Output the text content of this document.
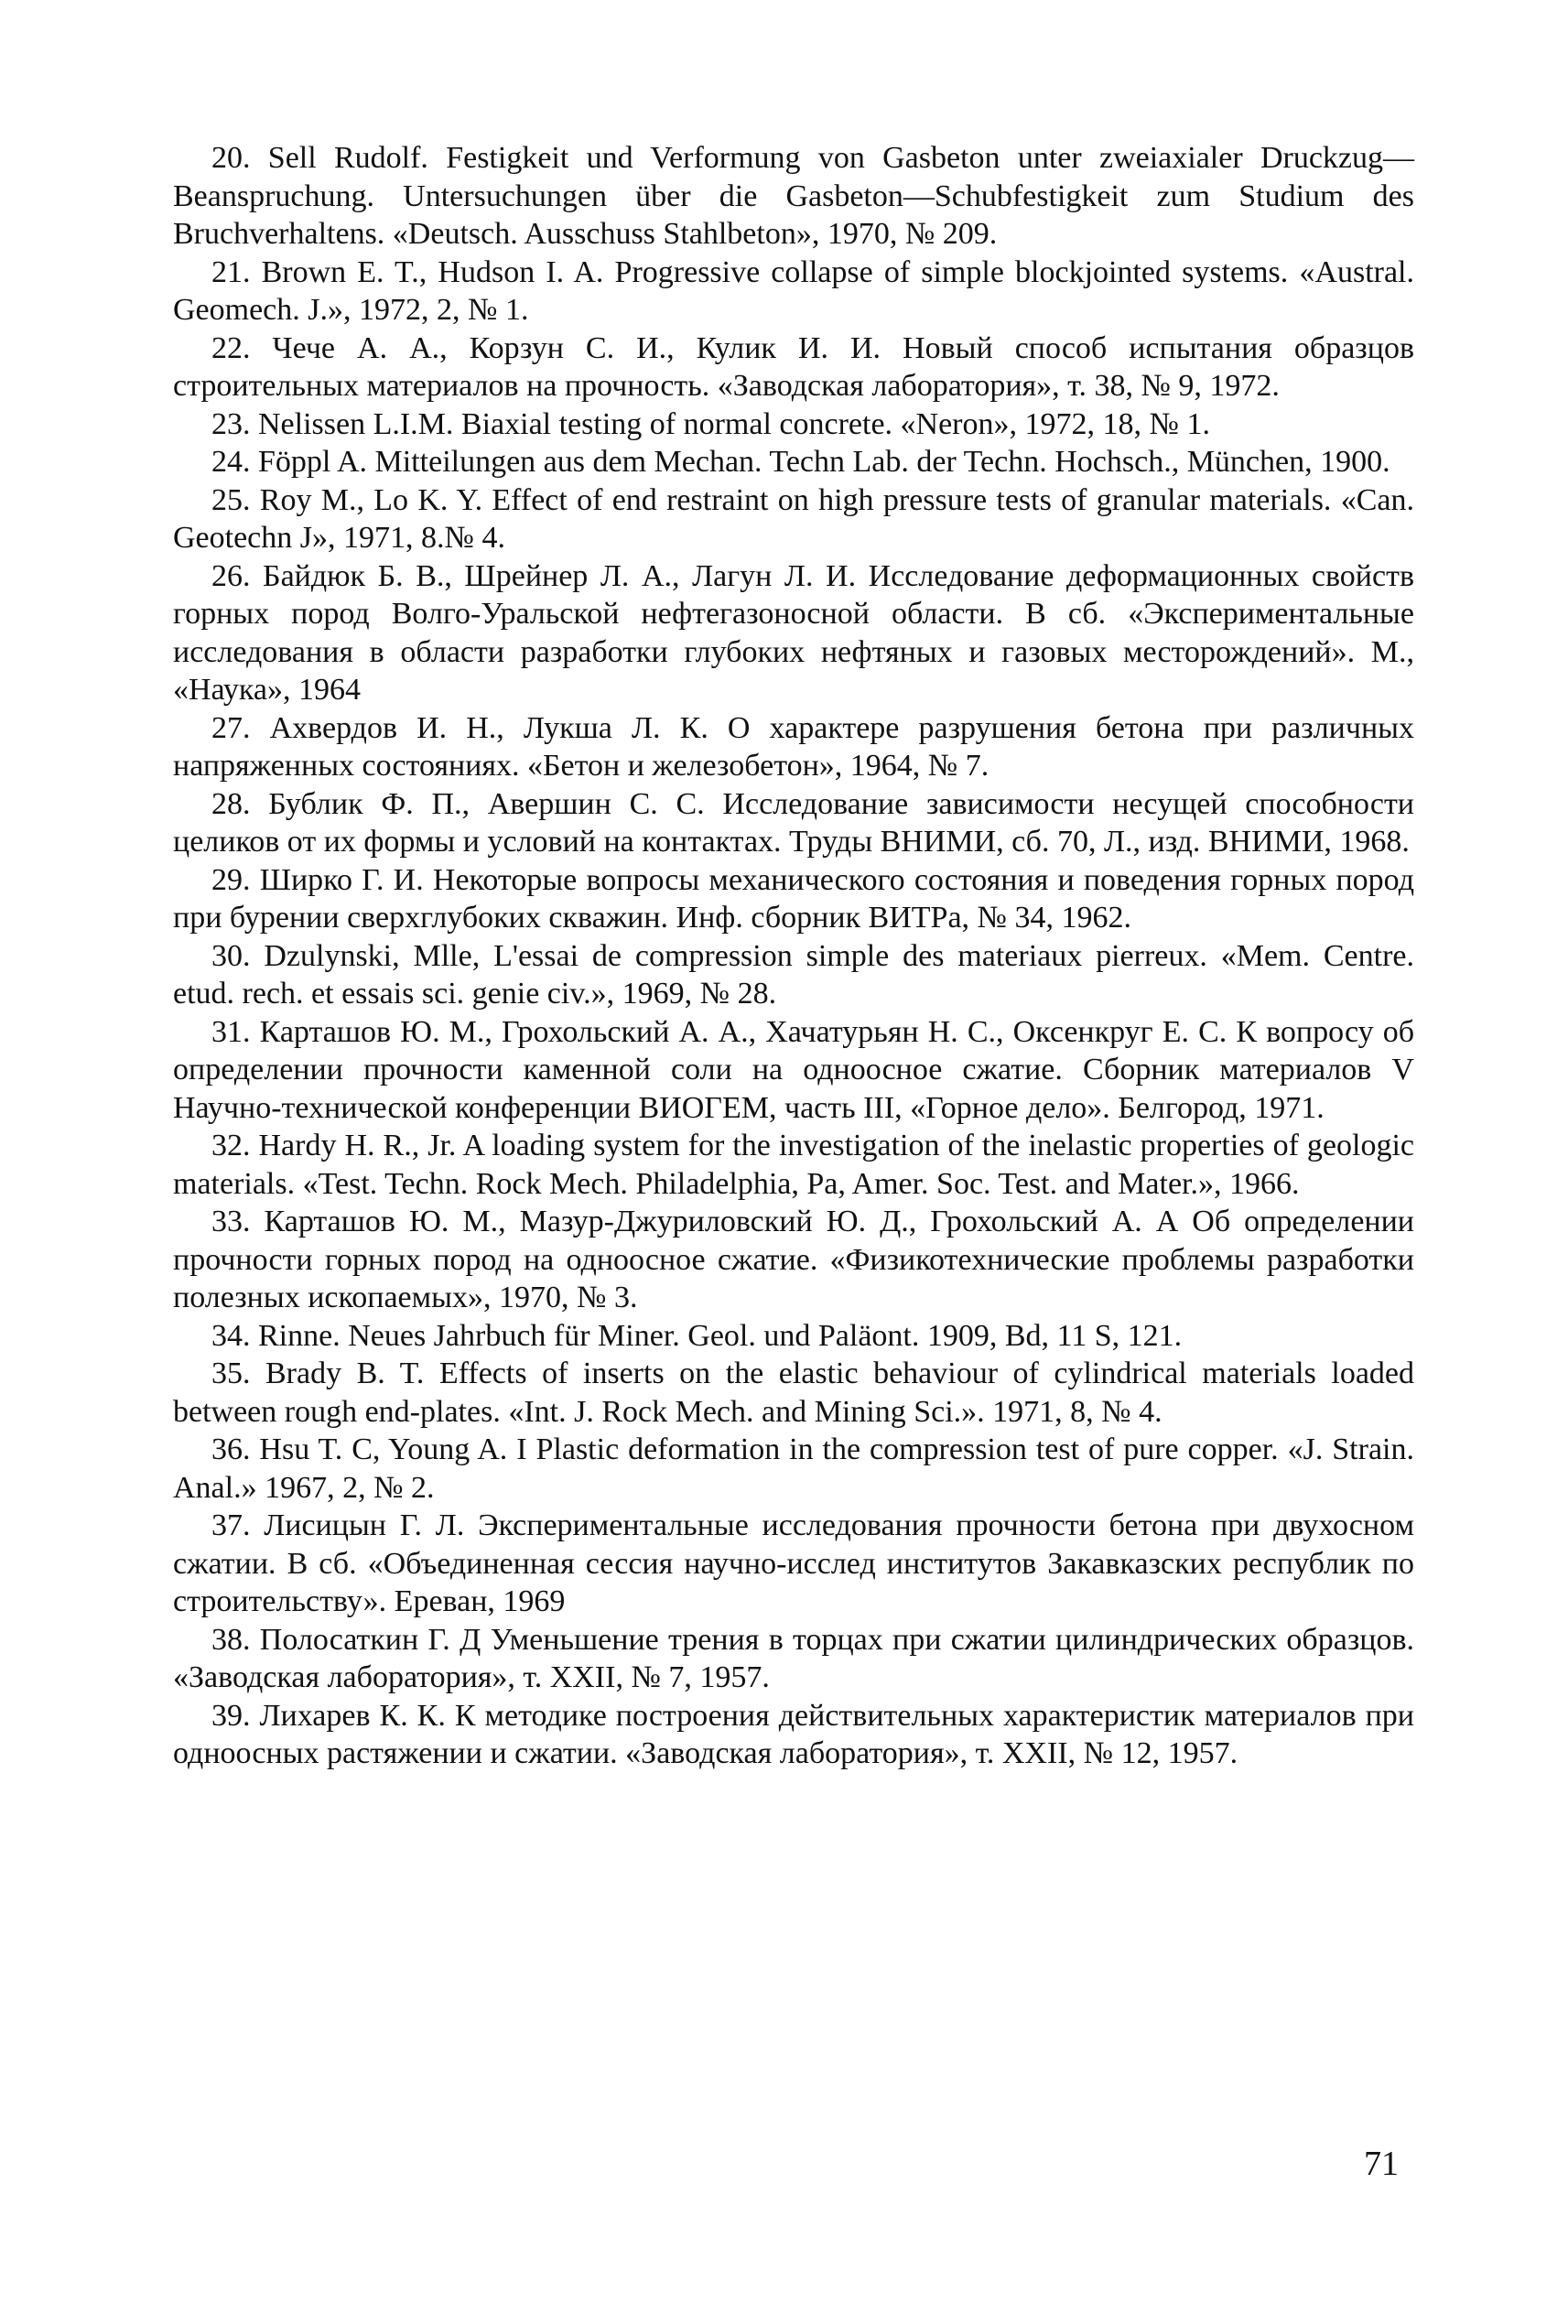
20. Sell Rudolf. Festigkeit und Verformung von Gasbeton unter zweiaxialer Druckzug—Beanspruchung. Untersuchungen über die Gasbeton—Schubfestigkeit zum Studium des Bruchverhaltens. «Deutsch. Ausschuss Stahlbeton», 1970, № 209.

21. Brown E. T., Hudson I. A. Progressive collapse of simple blockjointed systems. «Austral. Geomech. J.», 1972, 2, № 1.

22. Чече А. А., Корзун С. И., Кулик И. И. Новый способ испытания образцов строительных материалов на прочность. «Заводская лаборатория», т. 38, № 9, 1972.

23. Nelissen L.I.M. Biaxial testing of normal concrete. «Neron», 1972, 18, № 1.

24. Föppl A. Mitteilungen aus dem Mechan. Techn Lab. der Techn. Hochsch., München, 1900.

25. Roy M., Lo K. Y. Effect of end restraint on high pressure tests of granular materials. «Can. Geotechn J», 1971, 8.№ 4.

26. Байдюк Б. В., Шрейнер Л. А., Лагун Л. И. Исследование деформационных свойств горных пород Волго-Уральской нефтегазоносной области. В сб. «Экспериментальные исследования в области разработки глубоких нефтяных и газовых месторождений». М., «Наука», 1964

27. Ахвердов И. Н., Лукша Л. К. О характере разрушения бетона при различных напряженных состояниях. «Бетон и железобетон», 1964, № 7.

28. Бублик Ф. П., Авершин С. С. Исследование зависимости несущей способности целиков от их формы и условий на контактах. Труды ВНИМИ, сб. 70, Л., изд. ВНИМИ, 1968.

29. Ширко Г. И. Некоторые вопросы механического состояния и поведения горных пород при бурении сверхглубоких скважин. Инф. сборник ВИТРа, № 34, 1962.

30. Dzulynski, Mlle, L'essai de compression simple des materiaux pierreux. «Mem. Centre. etud. rech. et essais sci. genie civ.», 1969, № 28.

31. Карташов Ю. М., Грохольский А. А., Хачатурьян Н. С., Оксенкруг Е. С. К вопросу об определении прочности каменной соли на одноосное сжатие. Сборник материалов V Научно-технической конференции ВИОГЕМ, часть III, «Горное дело». Белгород, 1971.

32. Hardy H. R., Jr. A loading system for the investigation of the inelastic properties of geologic materials. «Test. Techn. Rock Mech. Philadelphia, Pa, Amer. Soc. Test. and Mater.», 1966.

33. Карташов Ю. М., Мазур-Джуриловский Ю. Д., Грохольский А. А Об определении прочности горных пород на одноосное сжатие. «Физикотехнические проблемы разработки полезных ископаемых», 1970, № 3.

34. Rinne. Neues Jahrbuch für Miner. Geol. und Paläont. 1909, Bd, 11 S, 121.

35. Brady B. T. Effects of inserts on the elastic behaviour of cylindrical materials loaded between rough end-plates. «Int. J. Rock Mech. and Mining Sci.». 1971, 8, № 4.

36. Hsu T. C, Young A. I Plastic deformation in the compression test of pure copper. «J. Strain. Anal.» 1967, 2, № 2.

37. Лисицын Г. Л. Экспериментальные исследования прочности бетона при двухосном сжатии. В сб. «Объединенная сессия научно-исслед институтов Закавказских республик по строительству». Ереван, 1969

38. Полосаткин Г. Д Уменьшение трения в торцах при сжатии цилиндрических образцов. «Заводская лаборатория», т. XXII, № 7, 1957.

39. Лихарев К. К. К методике построения действительных характеристик материалов при одноосных растяжении и сжатии. «Заводская лаборатория», т. XXII, № 12, 1957.

71
